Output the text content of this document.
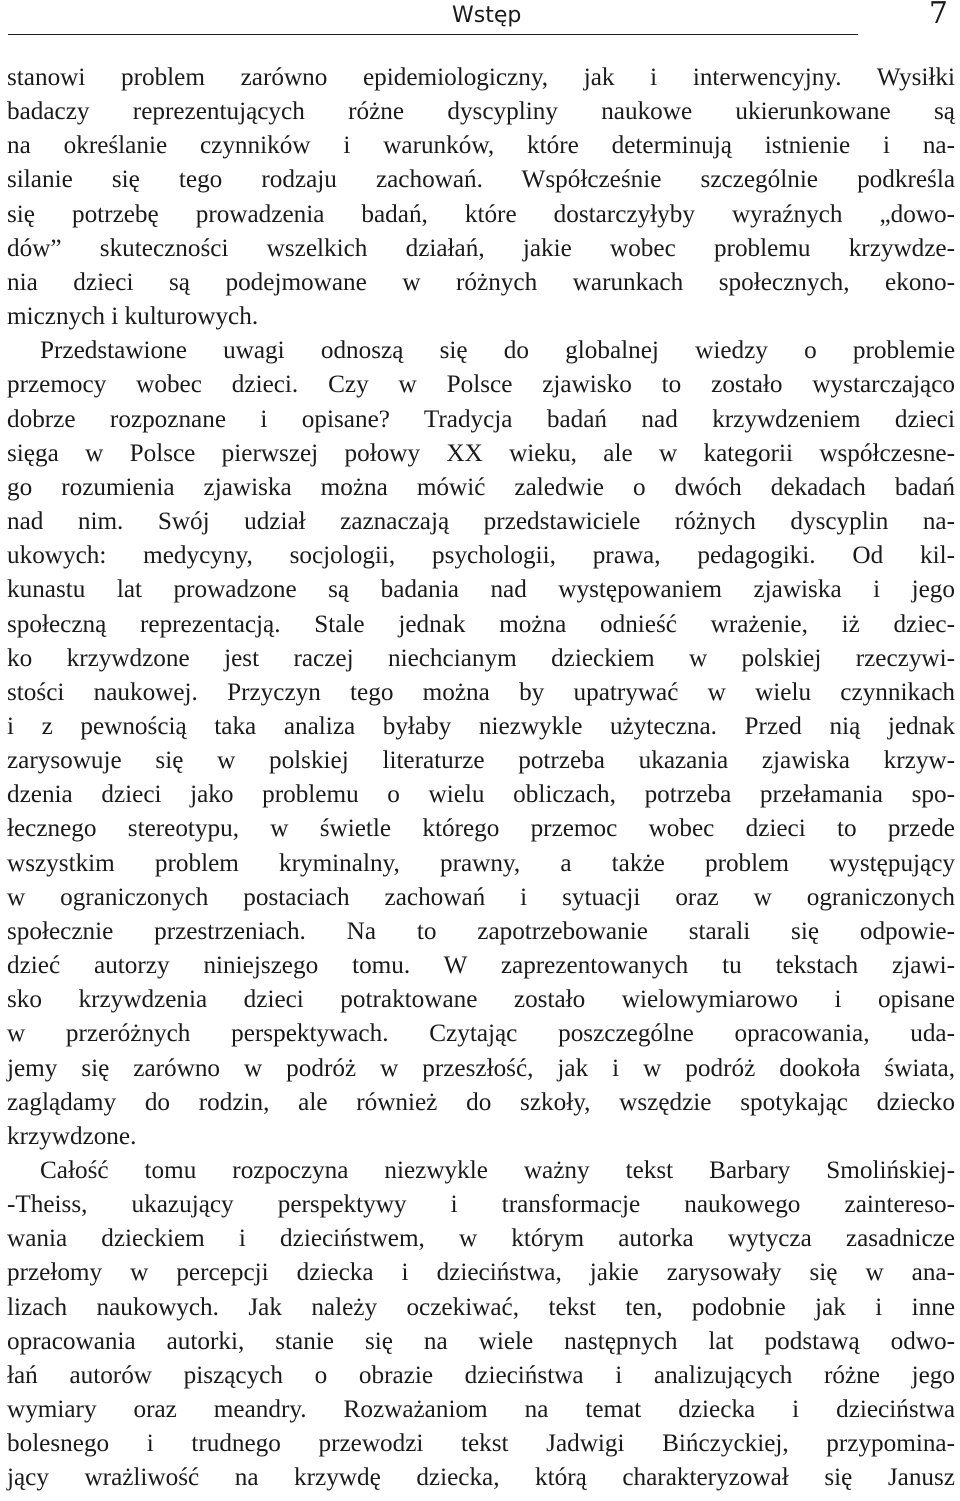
Wstęp	7
stanowi problem zarówno epidemiologiczny, jak i interwencyjny. Wysiłki
badaczy reprezentujących różne dyscypliny naukowe ukierunkowane są
na określanie czynników i warunków, które determinują istnienie i na-
silanie się tego rodzaju zachowań. Współcześnie szczególnie podkreśla
się potrzebę prowadzenia badań, które dostarczyłyby wyraźnych „dowo-
dów” skuteczności wszelkich działań, jakie wobec problemu krzywdze-
nia dzieci są podejmowane w różnych warunkach społecznych, ekono-
micznych i kulturowych.
Przedstawione uwagi odnoszą się do globalnej wiedzy o problemie
przemocy wobec dzieci. Czy w Polsce zjawisko to zostało wystarczająco
dobrze rozpoznane i opisane? Tradycja badań nad krzywdzeniem dzieci
sięga w Polsce pierwszej połowy XX wieku, ale w kategorii współczesne-
go rozumienia zjawiska można mówić zaledwie o dwóch dekadach badań
nad nim. Swój udział zaznaczają przedstawiciele różnych dyscyplin na-
ukowych: medycyny, socjologii, psychologii, prawa, pedagogiki. Od kil-
kunastu lat prowadzone są badania nad występowaniem zjawiska i jego
społeczną reprezentacją. Stale jednak można odnieść wrażenie, iż dziec-
ko krzywdzone jest raczej niechcianym dzieckiem w polskiej rzeczywi-
stości naukowej. Przyczyn tego można by upatrywać w wielu czynnikach
i z pewnością taka analiza byłaby niezwykle użyteczna. Przed nią jednak
zarysowuje się w polskiej literaturze potrzeba ukazania zjawiska krzyw-
dzenia dzieci jako problemu o wielu obliczach, potrzeba przełamania spo-
łecznego stereotypu, w świetle którego przemoc wobec dzieci to przede
wszystkim problem kryminalny, prawny, a także problem występujący
w ograniczonych postaciach zachowań i sytuacji oraz w ograniczonych
społecznie przestrzeniach. Na to zapotrzebowanie starali się odpowie-
dzieć autorzy niniejszego tomu. W zaprezentowanych tu tekstach zjawi-
sko krzywdzenia dzieci potraktowane zostało wielowymiarowo i opisane
w przeróżnych perspektywach. Czytając poszczególne opracowania, uda-
jemy się zarówno w podróż w przeszłość, jak i w podróż dookoła świata,
zaglądamy do rodzin, ale również do szkoły, wszędzie spotykając dziecko
krzywdzone.
Całość tomu rozpoczyna niezwykle ważny tekst Barbary Smolińskiej-
-Theiss, ukazujący perspektywy i transformacje naukowego zaintereso-
wania dzieckiem i dzieciństwem, w którym autorka wytycza zasadnicze
przełomy w percepcji dziecka i dzieciństwa, jakie zarysowały się w ana-
lizach naukowych. Jak należy oczekiwać, tekst ten, podobnie jak i inne
opracowania autorki, stanie się na wiele następnych lat podstawą odwo-
łań autorów piszących o obrazie dzieciństwa i analizujących różne jego
wymiary oraz meandry. Rozważaniom na temat dziecka i dzieciństwa
bolesnego i trudnego przewodzi tekst Jadwigi Bińczyckiej, przypomina-
jący wrażliwość na krzywdę dziecka, którą charakteryzował się Janusz
